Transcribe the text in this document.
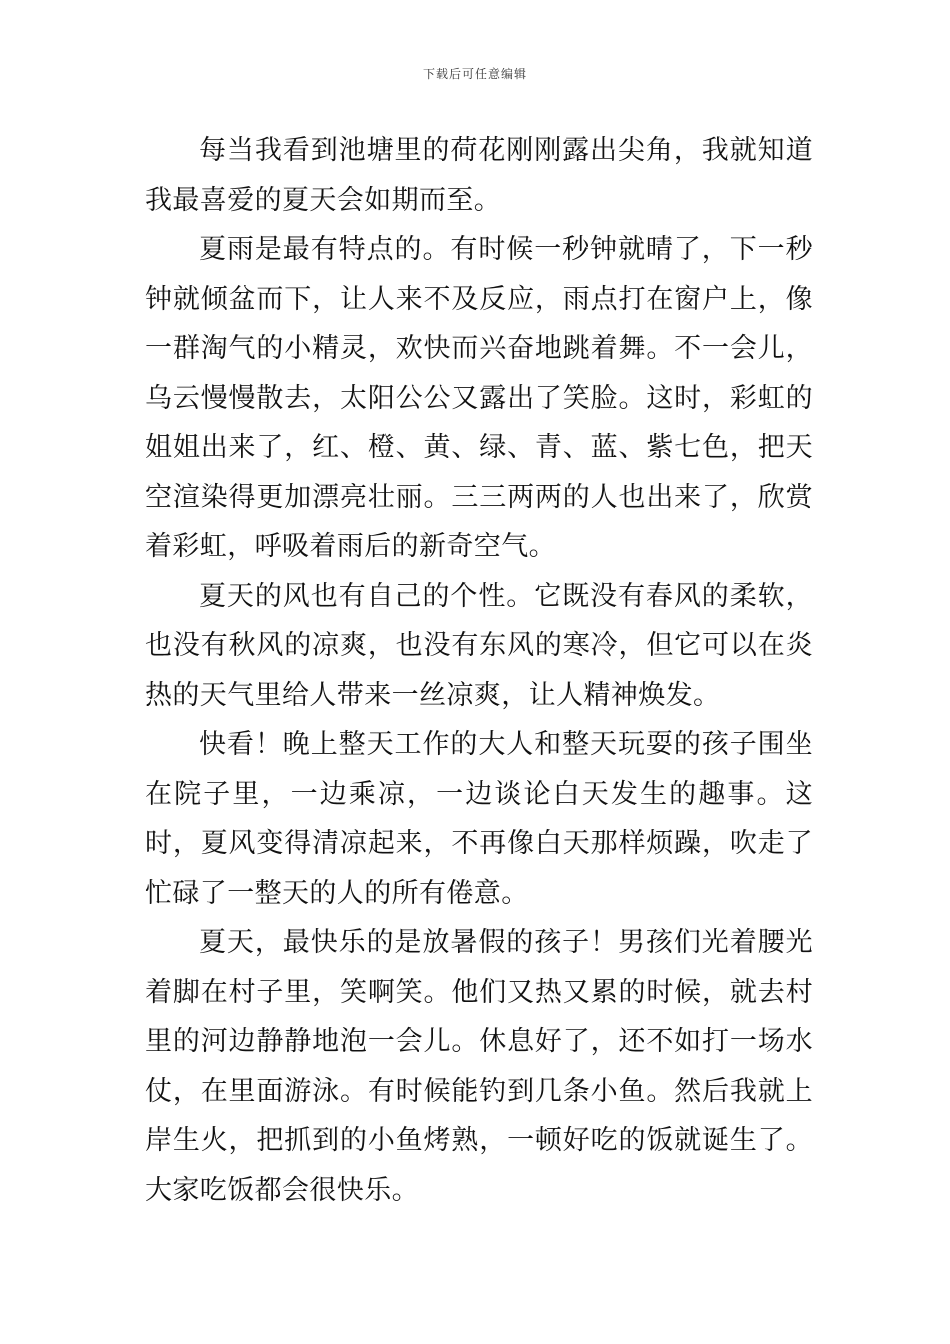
下载后可任意编辑

每当我看到池塘里的荷花刚刚露出尖角，我就知道我最喜爱的夏天会如期而至。

夏雨是最有特点的。有时候一秒钟就晴了，下一秒钟就倾盆而下，让人来不及反应，雨点打在窗户上，像一群淘气的小精灵，欢快而兴奋地跳着舞。不一会儿，乌云慢慢散去，太阳公公又露出了笑脸。这时，彩虹的姐姐出来了，红、橙、黄、绿、青、蓝、紫七色，把天空渲染得更加漂亮壮丽。三三两两的人也出来了，欣赏着彩虹，呼吸着雨后的新奇空气。

夏天的风也有自己的个性。它既没有春风的柔软，也没有秋风的凉爽，也没有东风的寒冷，但它可以在炎热的天气里给人带来一丝凉爽，让人精神焕发。

快看！晚上整天工作的大人和整天玩耍的孩子围坐在院子里，一边乘凉，一边谈论白天发生的趣事。这时，夏风变得清凉起来，不再像白天那样烦躁，吹走了忙碌了一整天的人的所有倦意。

夏天，最快乐的是放暑假的孩子！男孩们光着腰光着脚在村子里，笑啊笑。他们又热又累的时候，就去村里的河边静静地泡一会儿。休息好了，还不如打一场水仗，在里面游泳。有时候能钓到几条小鱼。然后我就上岸生火，把抓到的小鱼烤熟，一顿好吃的饭就诞生了。大家吃饭都会很快乐。
